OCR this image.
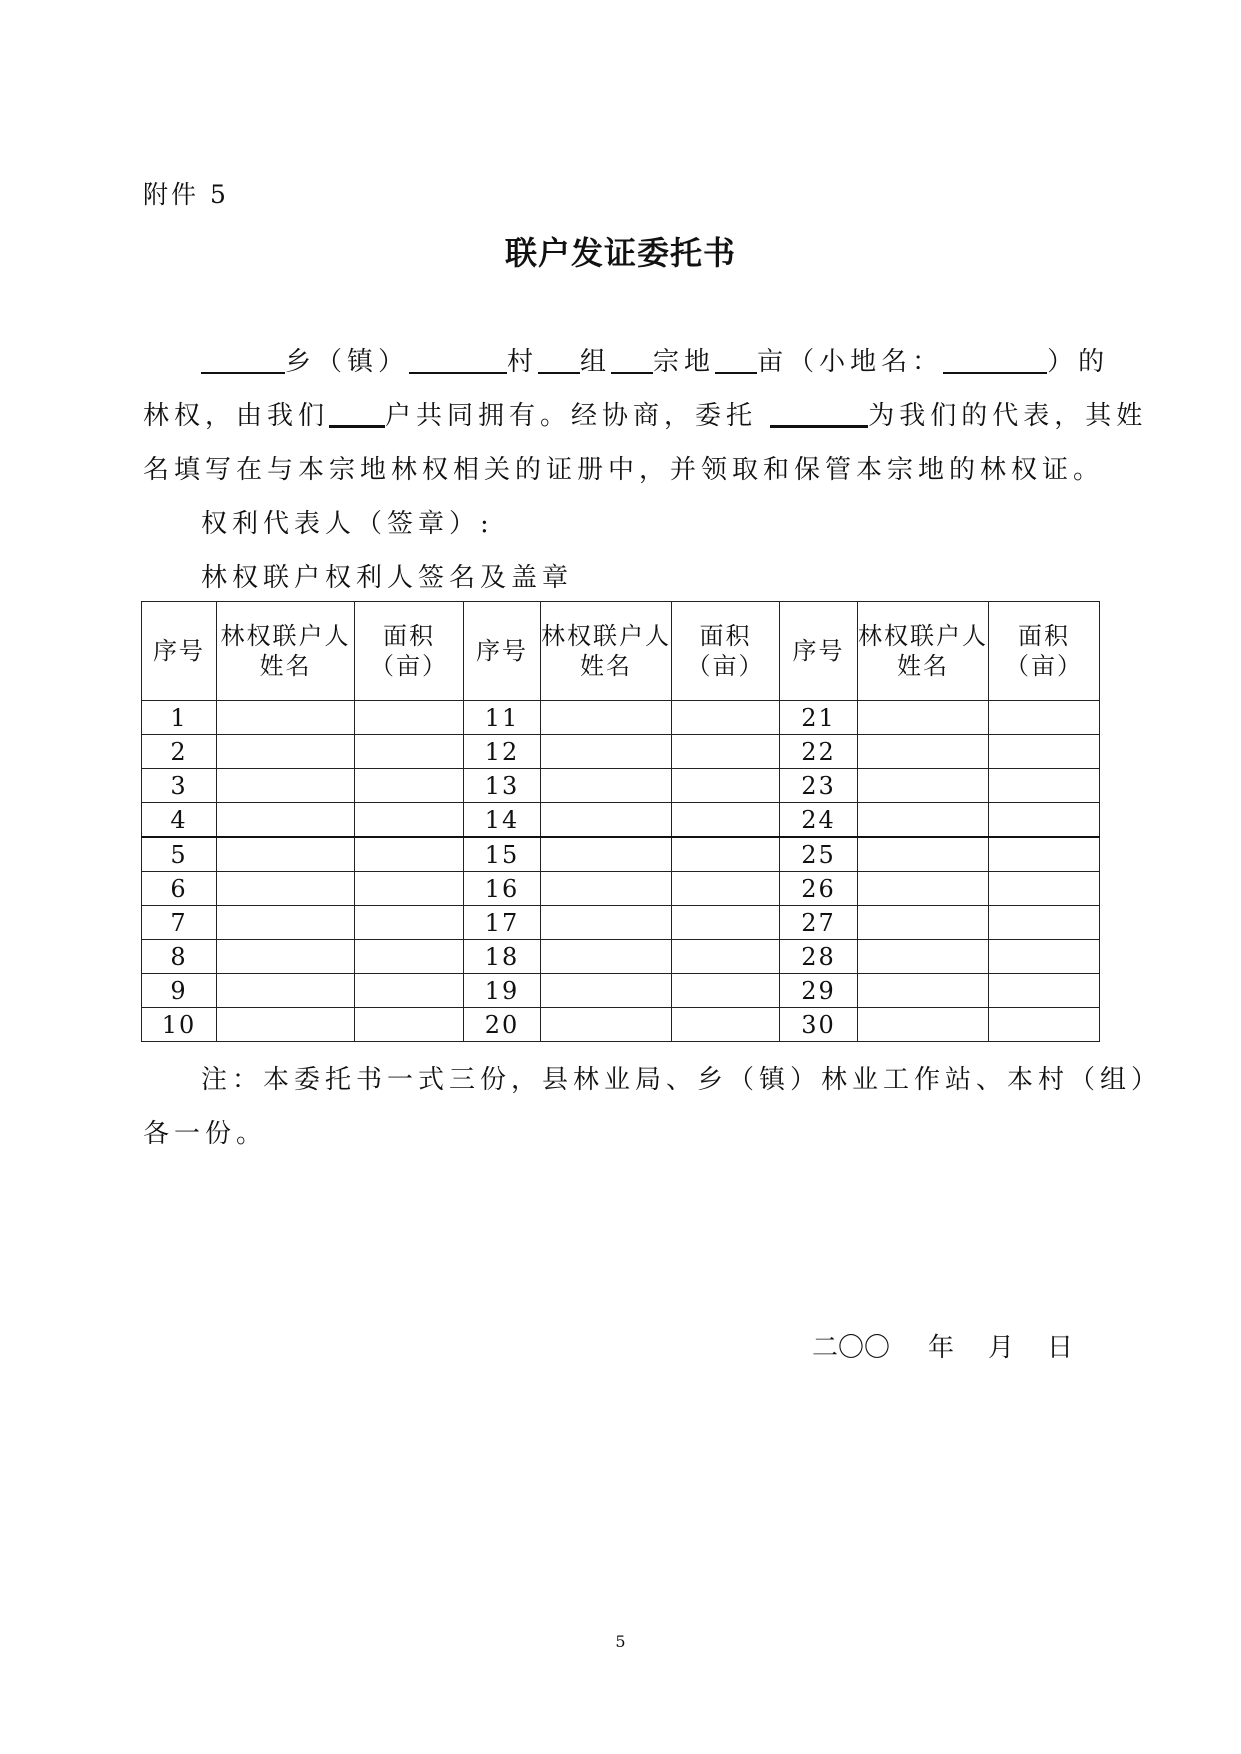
附件 5
联户发证委托书
乡（镇）	村 组 宗地 亩（小地名：	）的
林权，由我们 户共同拥有。经协商，委托	为我们的代表，其姓
名填写在与本宗地林权相关的证册中，并领取和保管本宗地的林权证。
权利代表人（签章）:
林权联户权利人签名及盖章
序号	林权联户人姓名	面积（亩）	序号	林权联户人姓名	面积（亩）	序号	林权联户人姓名	面积（亩）
1			11			21		
2			12			22		
3			13			23		
4			14			24		
5			15			25		
6			16			26		
7			17			27		
8			18			28		
9			19			29		
10			20			30		
注：本委托书一式三份，县林业局、乡（镇）林业工作站、本村（组）
各一份。
二〇〇 年 月 日
5
